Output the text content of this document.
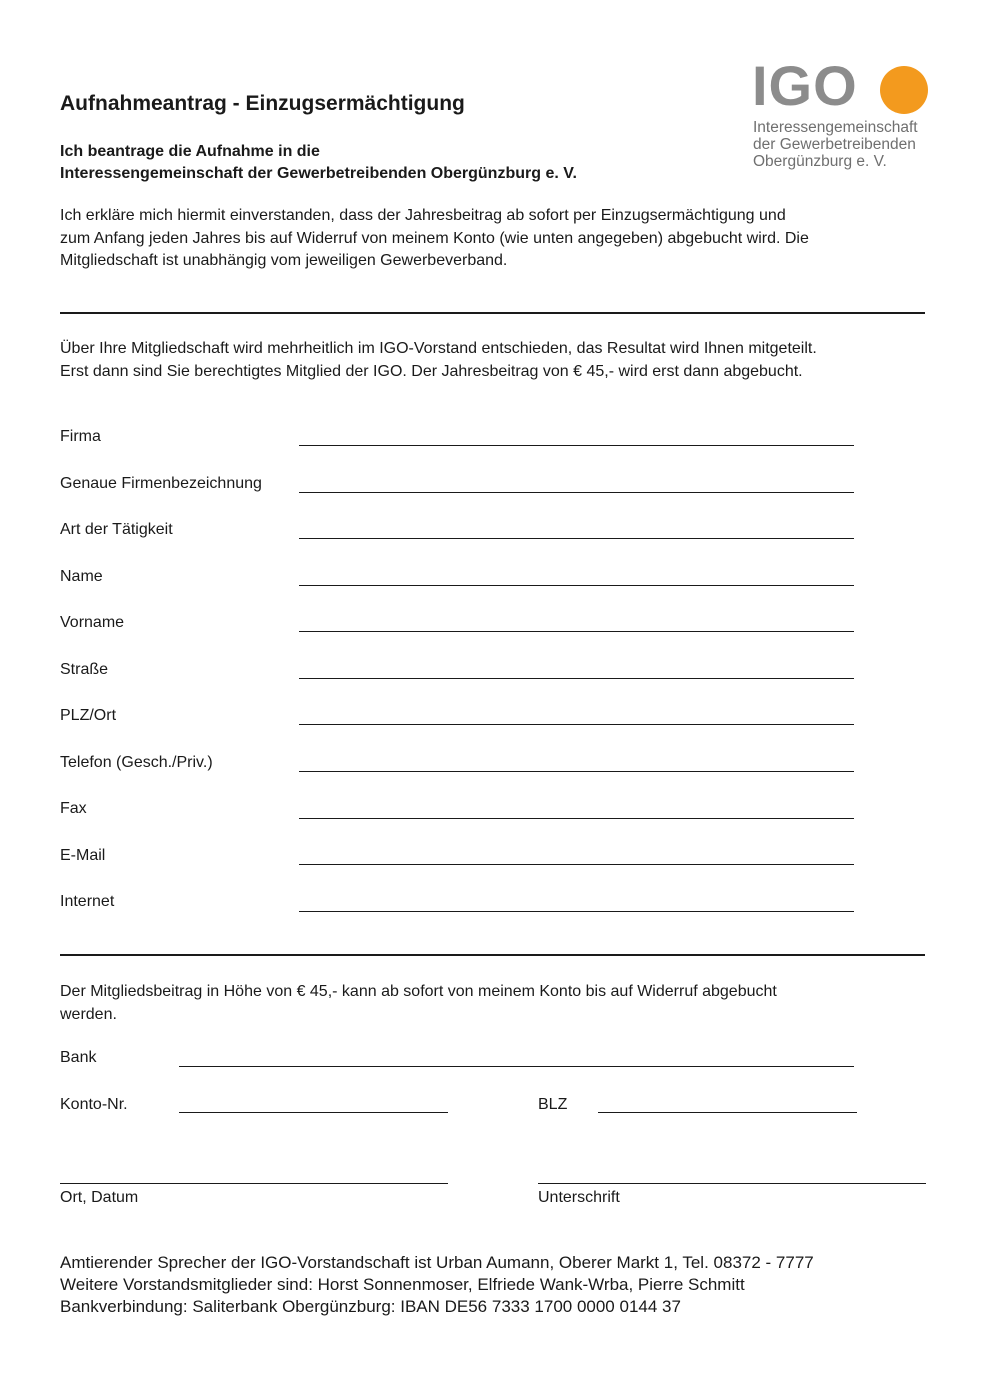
IGO
Interessengemeinschaft
der Gewerbetreibenden
Obergünzburg e. V.
Aufnahmeantrag - Einzugsermächtigung
Ich beantrage die Aufnahme in die
Interessengemeinschaft der Gewerbetreibenden Obergünzburg e. V.
Ich erkläre mich hiermit einverstanden, dass der Jahresbeitrag ab sofort per Einzugsermächtigung und
zum Anfang jeden Jahres bis auf Widerruf von meinem Konto (wie unten angegeben) abgebucht wird. Die
Mitgliedschaft ist unabhängig vom jeweiligen Gewerbeverband.
Über Ihre Mitgliedschaft wird mehrheitlich im IGO-Vorstand entschieden, das Resultat wird Ihnen mitgeteilt.
Erst dann sind Sie berechtigtes Mitglied der IGO. Der Jahresbeitrag von € 45,- wird erst dann abgebucht.
Firma
Genaue Firmenbezeichnung
Art der Tätigkeit
Name
Vorname
Straße
PLZ/Ort
Telefon (Gesch./Priv.)
Fax
E-Mail
Internet
Der Mitgliedsbeitrag in Höhe von € 45,- kann ab sofort von meinem Konto bis auf Widerruf abgebucht
werden.
Bank
Konto-Nr.	BLZ
Ort, Datum	Unterschrift
Amtierender Sprecher der IGO-Vorstandschaft ist Urban Aumann, Oberer Markt 1, Tel. 08372 - 7777
Weitere Vorstandsmitglieder sind: Horst Sonnenmoser, Elfriede Wank-Wrba, Pierre Schmitt
Bankverbindung: Saliterbank Obergünzburg: IBAN DE56 7333 1700 0000 0144 37
